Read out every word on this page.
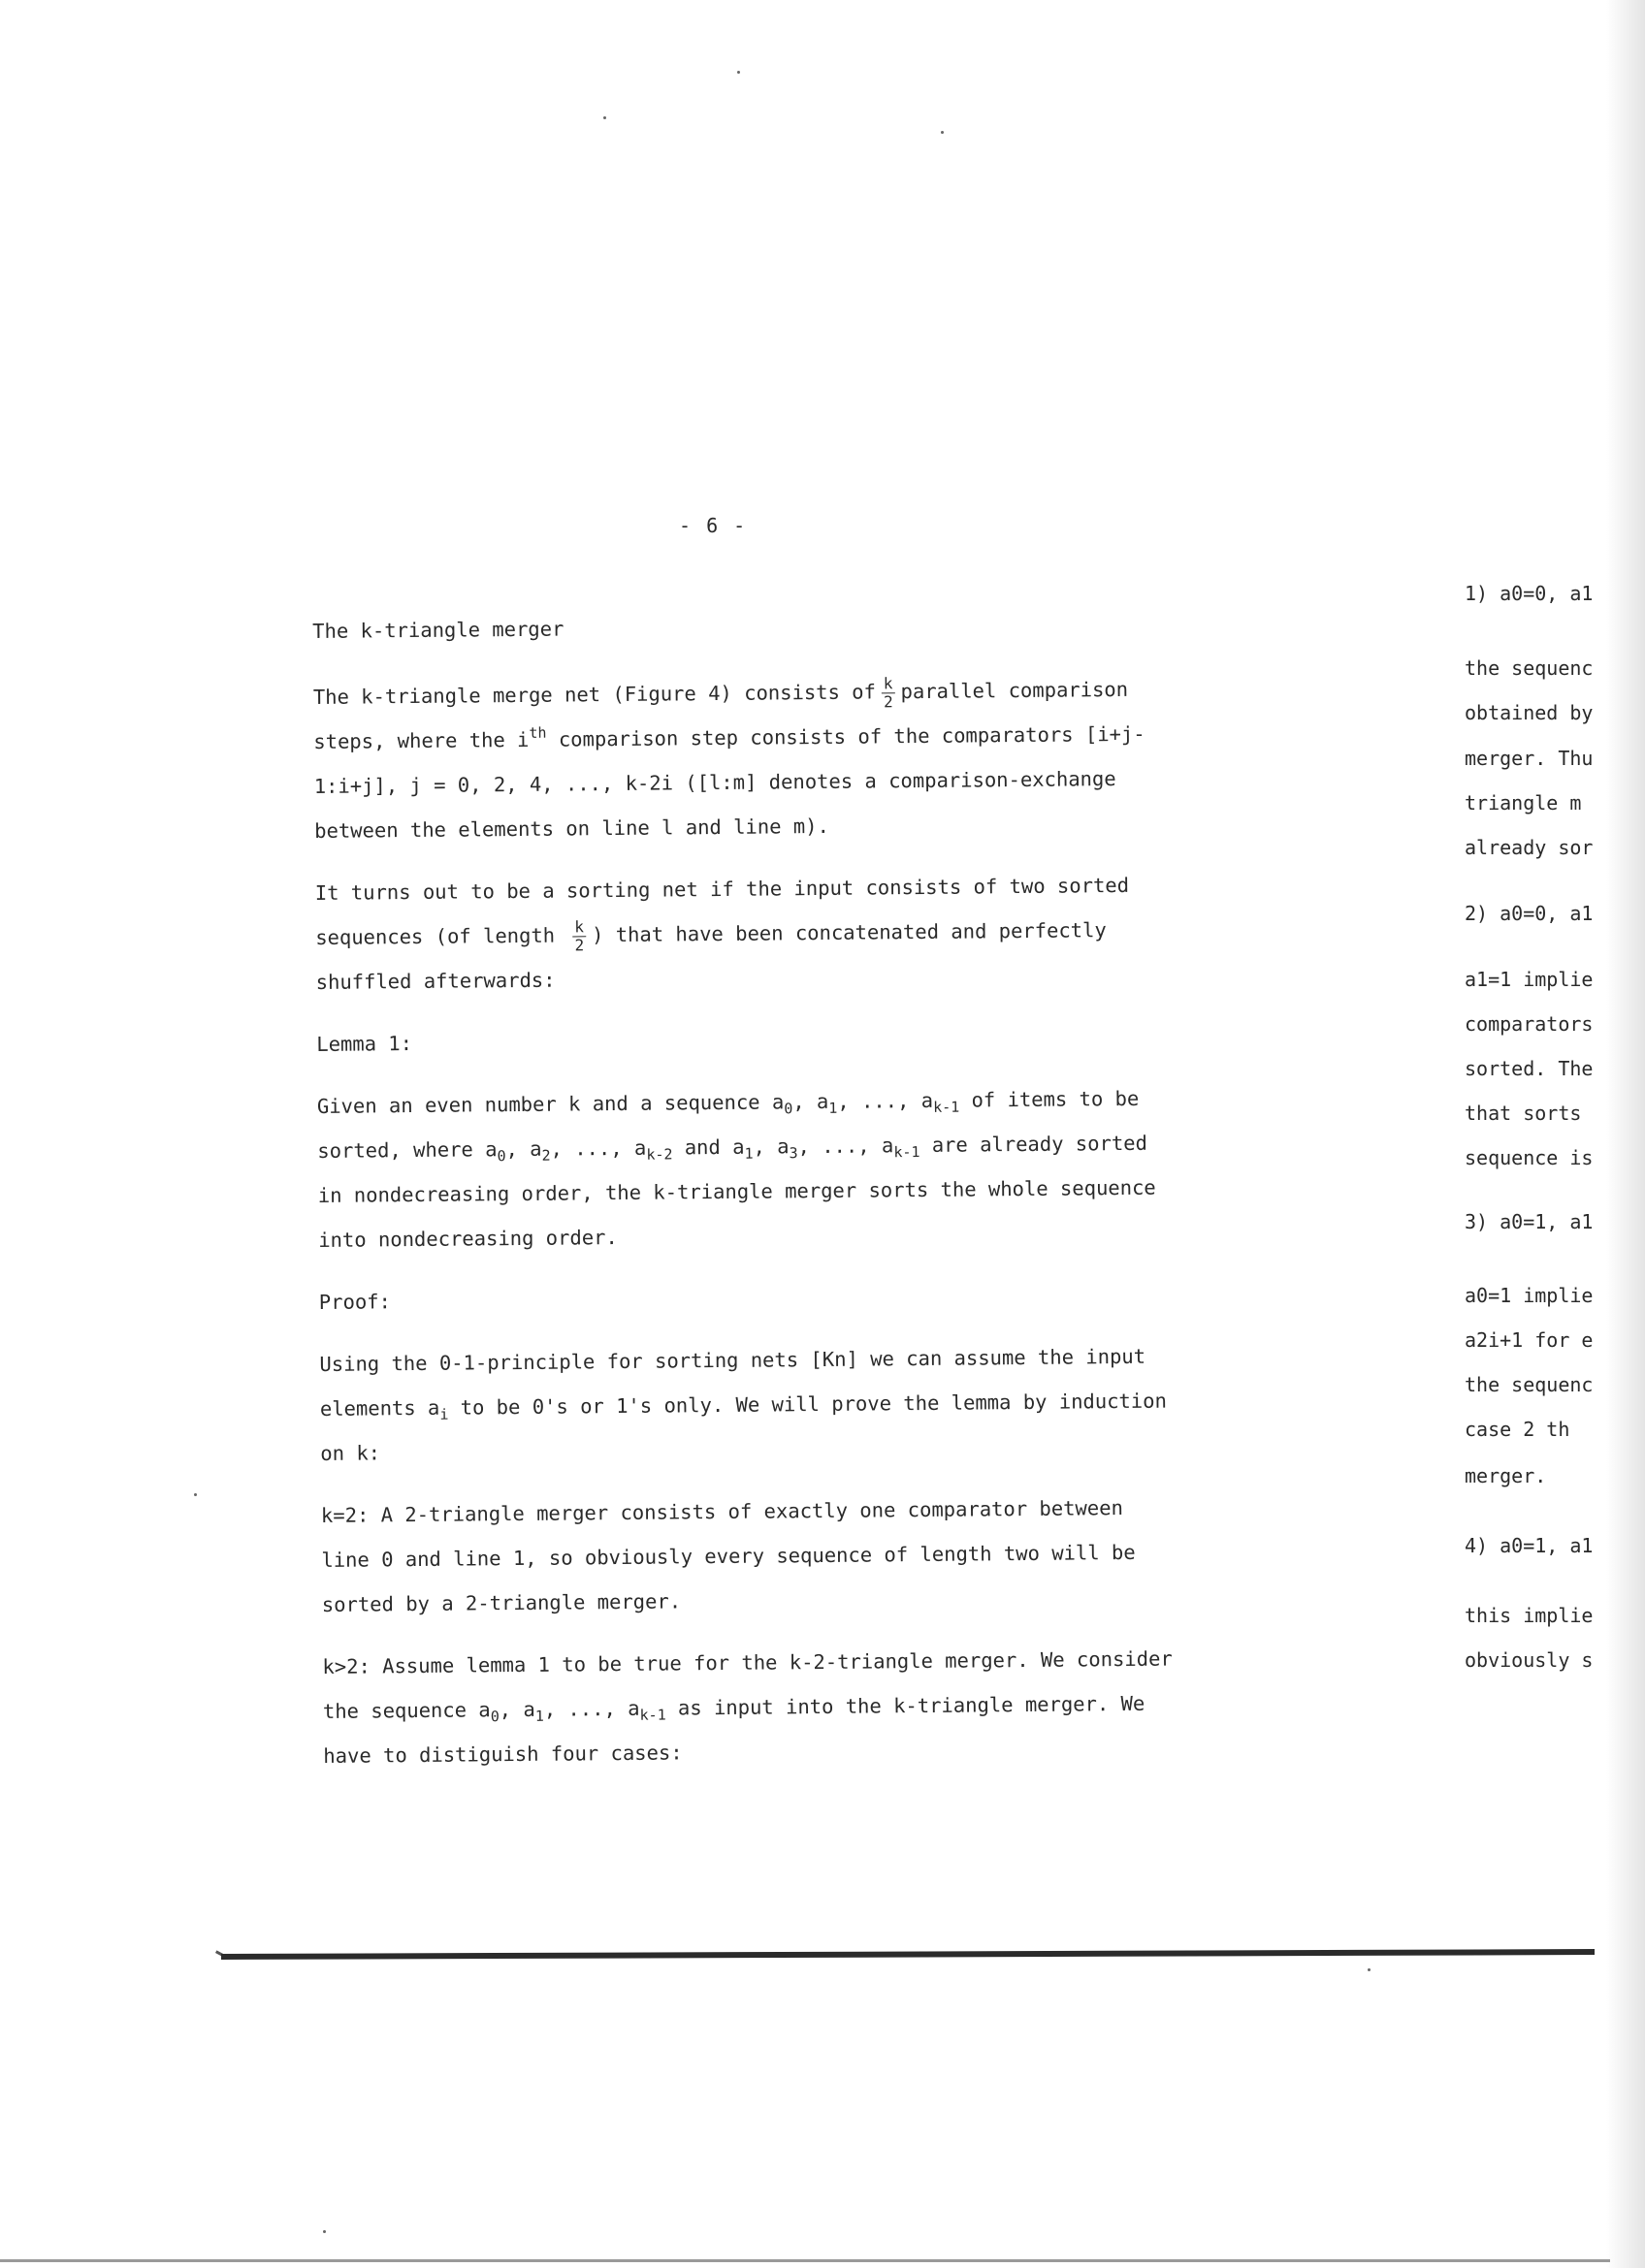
- 6 -

The k-triangle merger

The k-triangle merge net (Figure 4) consists of $\frac{k}{2}$ parallel comparison steps, where the $i^{th}$ comparison step consists of the comparators [i+j-1:i+j], j = 0, 2, 4, ..., k-2i ([l:m] denotes a comparison-exchange between the elements on line l and line m).

It turns out to be a sorting net if the input consists of two sorted sequences (of length $\frac{k}{2}$ ) that have been concatenated and perfectly shuffled afterwards:

Lemma 1:

Given an even number k and a sequence $a_0$, $a_1$, ..., $a_{k-1}$ of items to be sorted, where $a_0$, $a_2$, ..., $a_{k-2}$ and $a_1$, $a_3$, ..., $a_{k-1}$ are already sorted in nondecreasing order, the k-triangle merger sorts the whole sequence into nondecreasing order.

Proof:

Using the 0-1-principle for sorting nets [Kn] we can assume the input elements $a_i$ to be 0's or 1's only. We will prove the lemma by induction on k:

k=2: A 2-triangle merger consists of exactly one comparator between line 0 and line 1, so obviously every sequence of length two will be sorted by a 2-triangle merger.

k>2: Assume lemma 1 to be true for the k-2-triangle merger. We consider the sequence $a_0$, $a_1$, ..., $a_{k-1}$ as input into the k-triangle merger. We have to distiguish four cases:

1) a0=0, a1
the sequenc
obtained by
merger. Thu
triangle m
already sor
2) a0=0, a1
a1=1 implie
comparators
sorted. The
that sorts
sequence is
3) a0=1, a1
a0=1 implie
a2i+1 for e
the sequenc
case 2 th
merger.
4) a0=1, a1
this implie
obviously s
